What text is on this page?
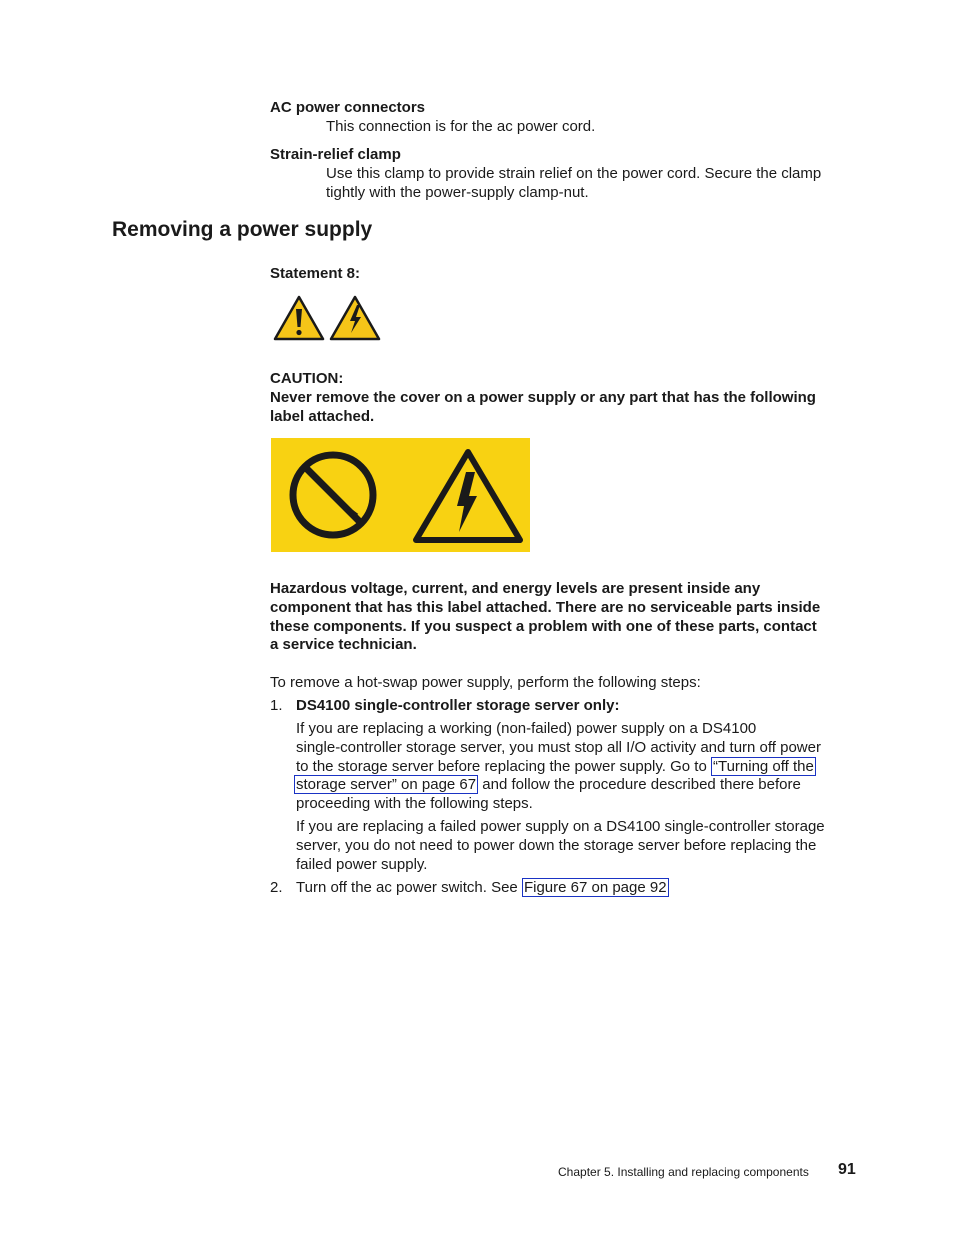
AC power connectors
This connection is for the ac power cord.
Strain-relief clamp
Use this clamp to provide strain relief on the power cord. Secure the clamp
tightly with the power-supply clamp-nut.
Removing a power supply
Statement 8:
CAUTION:
Never remove the cover on a power supply or any part that has the following
label attached.
Hazardous voltage, current, and energy levels are present inside any
component that has this label attached. There are no serviceable parts inside
these components. If you suspect a problem with one of these parts, contact
a service technician.
To remove a hot-swap power supply, perform the following steps:
1. DS4100 single-controller storage server only:
If you are replacing a working (non-failed) power supply on a DS4100
single-controller storage server, you must stop all I/O activity and turn off power
to the storage server before replacing the power supply. Go to “Turning off the
storage server” on page 67 and follow the procedure described there before
proceeding with the following steps.
If you are replacing a failed power supply on a DS4100 single-controller storage
server, you do not need to power down the storage server before replacing the
failed power supply.
2. Turn off the ac power switch. See Figure 67 on page 92
Chapter 5. Installing and replacing components 91
